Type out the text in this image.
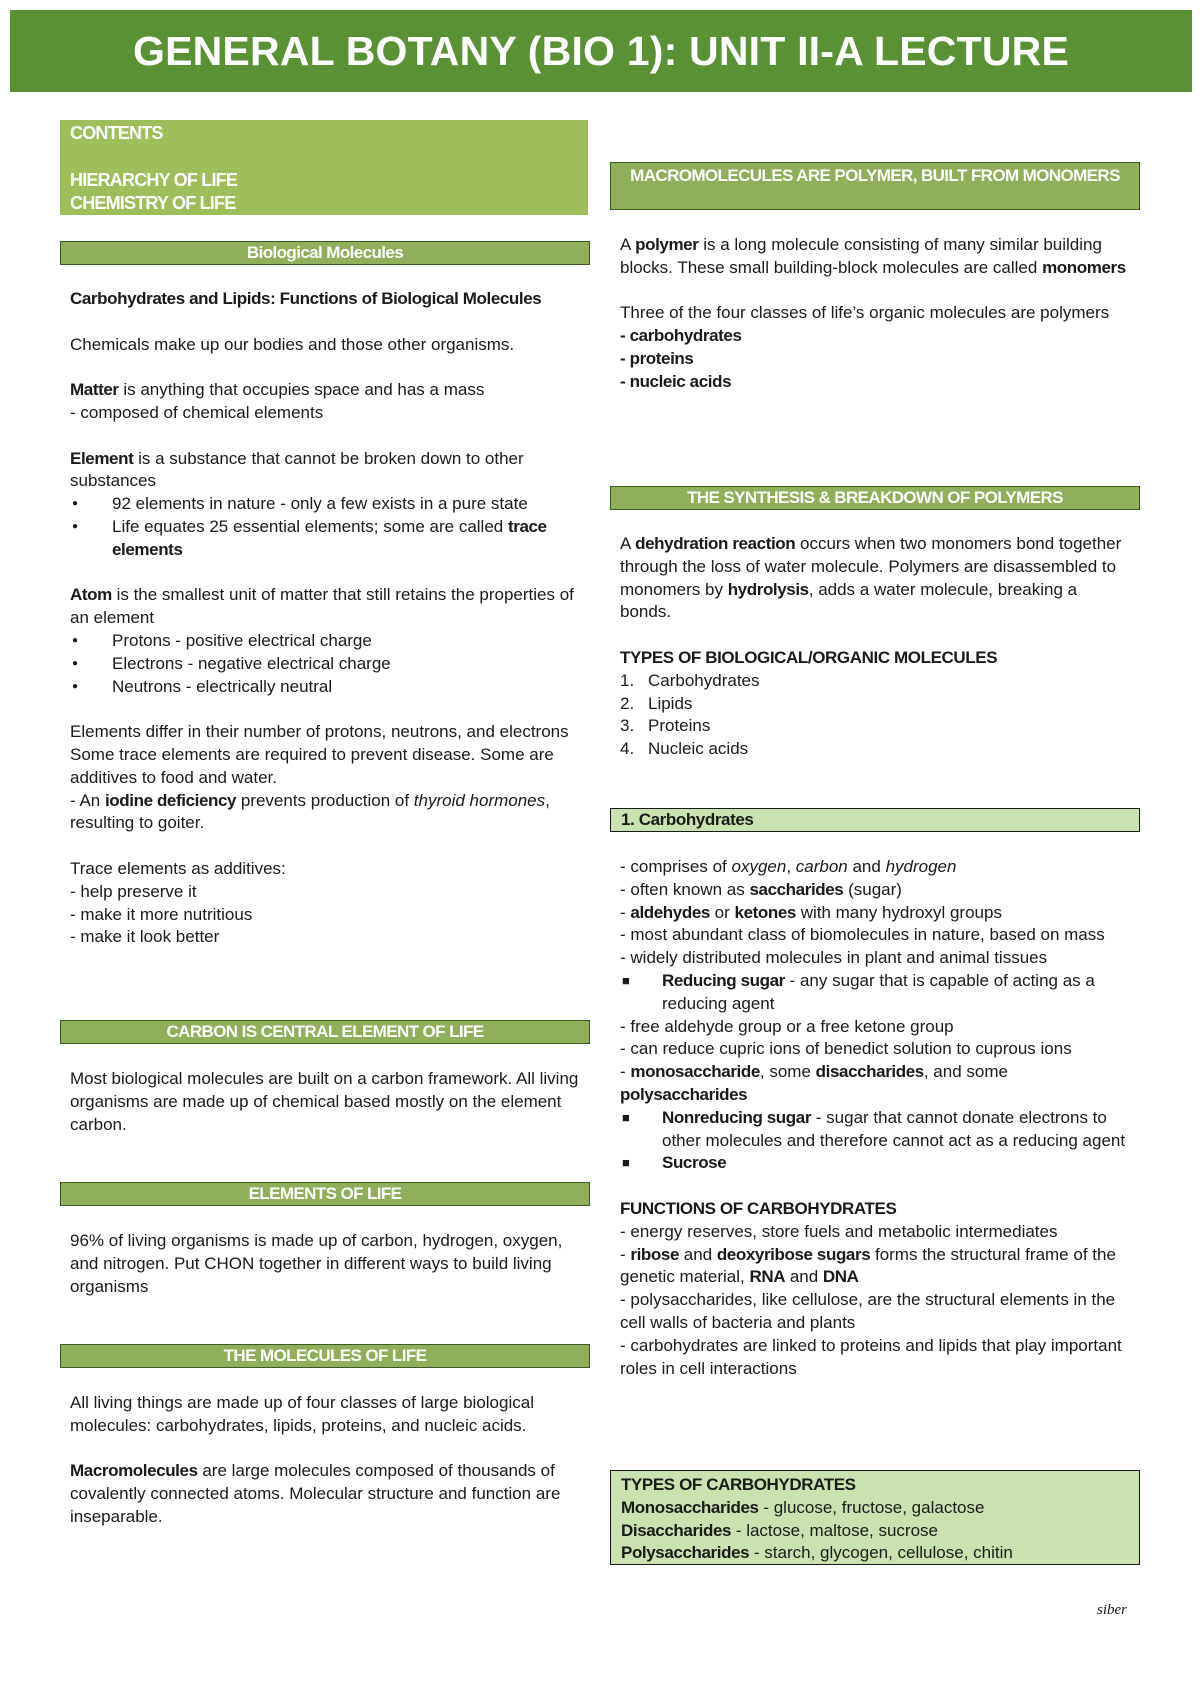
GENERAL BOTANY (BIO 1): UNIT II-A LECTURE
CONTENTS
HIERARCHY OF LIFE
CHEMISTRY OF LIFE
Biological Molecules
Carbohydrates and Lipids: Functions of Biological Molecules
Chemicals make up our bodies and those other organisms.
Matter is anything that occupies space and has a mass
- composed of chemical elements
Element is a substance that cannot be broken down to other substances
● 92 elements in nature - only a few exists in a pure state
● Life equates 25 essential elements; some are called trace elements
Atom is the smallest unit of matter that still retains the properties of an element
● Protons - positive electrical charge
● Electrons - negative electrical charge
● Neutrons - electrically neutral
Elements differ in their number of protons, neutrons, and electrons Some trace elements are required to prevent disease. Some are additives to food and water.
- An iodine deficiency prevents production of thyroid hormones, resulting to goiter.
Trace elements as additives:
- help preserve it
- make it more nutritious
- make it look better
CARBON IS CENTRAL ELEMENT OF LIFE
Most biological molecules are built on a carbon framework. All living organisms are made up of chemical based mostly on the element carbon.
ELEMENTS OF LIFE
96% of living organisms is made up of carbon, hydrogen, oxygen, and nitrogen. Put CHON together in different ways to build living organisms
THE MOLECULES OF LIFE
All living things are made up of four classes of large biological molecules: carbohydrates, lipids, proteins, and nucleic acids.
Macromolecules are large molecules composed of thousands of covalently connected atoms. Molecular structure and function are inseparable.
MACROMOLECULES ARE POLYMER, BUILT FROM MONOMERS
A polymer is a long molecule consisting of many similar building blocks. These small building-block molecules are called monomers
Three of the four classes of life’s organic molecules are polymers
- carbohydrates
- proteins
- nucleic acids
THE SYNTHESIS & BREAKDOWN OF POLYMERS
A dehydration reaction occurs when two monomers bond together through the loss of water molecule. Polymers are disassembled to monomers by hydrolysis, adds a water molecule, breaking a bonds.
TYPES OF BIOLOGICAL/ORGANIC MOLECULES
1. Carbohydrates
2. Lipids
3. Proteins
4. Nucleic acids
1. Carbohydrates
- comprises of oxygen, carbon and hydrogen
- often known as saccharides (sugar)
- aldehydes or ketones with many hydroxyl groups
- most abundant class of biomolecules in nature, based on mass
- widely distributed molecules in plant and animal tissues
■ Reducing sugar - any sugar that is capable of acting as a reducing agent
- free aldehyde group or a free ketone group
- can reduce cupric ions of benedict solution to cuprous ions
- monosaccharide, some disaccharides, and some polysaccharides
■ Nonreducing sugar - sugar that cannot donate electrons to other molecules and therefore cannot act as a reducing agent
■ Sucrose
FUNCTIONS OF CARBOHYDRATES
- energy reserves, store fuels and metabolic intermediates
- ribose and deoxyribose sugars forms the structural frame of the genetic material, RNA and DNA
- polysaccharides, like cellulose, are the structural elements in the cell walls of bacteria and plants
- carbohydrates are linked to proteins and lipids that play important roles in cell interactions
TYPES OF CARBOHYDRATES
Monosaccharides - glucose, fructose, galactose
Disaccharides - lactose, maltose, sucrose
Polysaccharides - starch, glycogen, cellulose, chitin
siber
